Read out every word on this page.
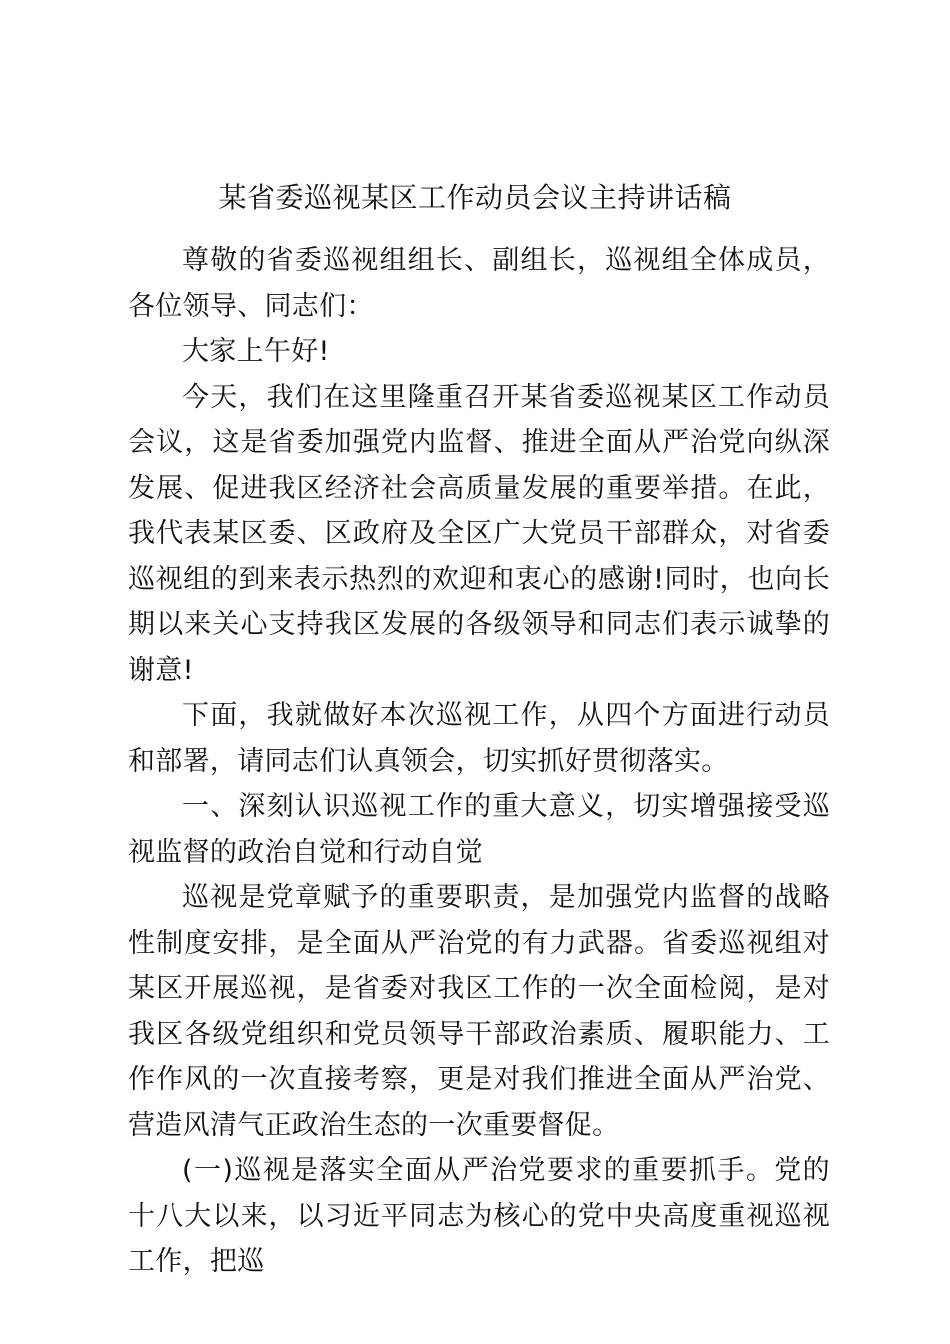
某省委巡视某区工作动员会议主持讲话稿

尊敬的省委巡视组组长、副组长，巡视组全体成员，各位领导、同志们：

大家上午好!

今天，我们在这里隆重召开某省委巡视某区工作动员会议，这是省委加强党内监督、推进全面从严治党向纵深发展、促进我区经济社会高质量发展的重要举措。在此，我代表某区委、区政府及全区广大党员干部群众，对省委巡视组的到来表示热烈的欢迎和衷心的感谢!同时，也向长期以来关心支持我区发展的各级领导和同志们表示诚挚的谢意!

下面，我就做好本次巡视工作，从四个方面进行动员和部署，请同志们认真领会，切实抓好贯彻落实。

一、深刻认识巡视工作的重大意义，切实增强接受巡视监督的政治自觉和行动自觉

巡视是党章赋予的重要职责，是加强党内监督的战略性制度安排，是全面从严治党的有力武器。省委巡视组对某区开展巡视，是省委对我区工作的一次全面检阅，是对我区各级党组织和党员领导干部政治素质、履职能力、工作作风的一次直接考察，更是对我们推进全面从严治党、营造风清气正政治生态的一次重要督促。

(一)巡视是落实全面从严治党要求的重要抓手。党的十八大以来，以习近平同志为核心的党中央高度重视巡视工作，把巡
